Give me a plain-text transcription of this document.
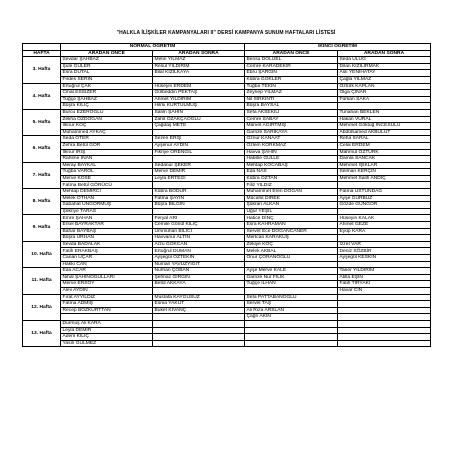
"HALKLA İLİŞKİLER KAMPANYALARI II" DERSİ KAMPANYA SUNUM HAFTALARI LİSTESİ
	NORMAL ÖĞRETİM		İKİNCİ ÖĞRETİM	
HAFTA	ARADAN ÖNCE	ARADAN SONRA	ARADAN ÖNCE	ARADAN SONRA
3. Hafta	Sevdar ŞAHBAZ	Metin YILMAZ	Bensu DÖLÜEL	Seda ULUĞ
	Şule GÜLER	Resul YILDIRIM	Cemre KARADEKIR	Dilan KIZILIRMAK
	Esra DUTAL	Bilal KIZILKAYA	Ebru ŞARGIN	Aslı YENİHATAY
	Firdes SERİN		Kübra GÖKLER	Çağla YILMAZ
4. Hafta	Ertuğrul ÇAK	Hüseyin ERDEM	Tuğba TEKİN	Öztürk KAPLAN
	Cihat ESSİZER	Gülbeddin PEKTAŞ	Zeynep YILMAZ	Olga ÇINAR
	Tuğçe ŞAHBAZ	Ahmet YILDIRIM	Nil SIRKİNTİ	Fürkan SAKA
	Büşra KILIÇ	Hilmi KURTULMUŞ	Büşra BAYSAL	
5. Hafta	Burcu EZEROĞLU	Salim ŞAHİN	Sefa AKSEKİLİ	Tunahan BEKLEN
	Zeliha ÖZDOĞAN	Zahit ÖZAKÇAOĞLU	Cemre SABAY	Hakan VURAL
	İlknur KOÇ	Çağdaş METE	Mürvet AĞIRTMIŞ	Mehmet Göktuğ İNCESULU
	Muhammed AYKAÇ		Gamze SARIKAYA	Abdülsamed AKBULUT
6. Hafta	Seda ÖTER	Sezen ERIŞ	Öznur KANAAT	Reha SARAL
	Zehra Betül GÖR	Ayşenur AYDIN	Özlem KORKMAZ	Celal ERDEM
	İlknur IRIŞ	Fikriye ÖRENGİL	Havva ŞAHİN	Mahmut ÖZTÜRK
	Rahime İNAN		Habibe GÜLLE	Damla SANCAK
7. Hafta	Meray BAYKAL	Sedanur ŞEKER	Mehtap KOCABAŞ	Mehmet IŞIKLAR
	Tuğba VAROL	Merve DEMİR	Eda NAS	Selman KERÇİN
	Merve KÖSE	Leyla ERTEĞİ	Kübra ÖZTAN	Mehmet Salih ANDIÇ
	Fatma Betül GÖRÜCÜ		Filiz YILDIZ	
8. Hafta	Mehtap DEMİRCİ	Kübra BODUR	Muhammet Eren DOĞAN	Fatma ÜSTÜNDAĞ
	Melek OTHAN	Fatma ŞAYIN	Mücahit DİREK	Ayşe GÜRBÜZ
	Sabahat ÜNGÖRMÜŞ	Büşra BİLGİN	Şükran ALKAN	Gözde GÜNGÖR
	Şükriye TARAS		Uğur YEŞİL	
9. Hafta	Emre ŞAHAN	Feryal ARI	Hatice DİNÇ	Hüseyin KALAK
	Ersel BAYRAKTAR	Cemile Gönül KILIÇ	Esra KAHRAMAN	Ahmet GEZE
	Bahar BAYBAŞ	Ümmühan BİLİCİ	Servet Ece DOĞANCANER	Eyüp KARA
	Büşra URHAN	Havvanur ALTIN	Mertcan KARAKUŞ	
10. Hafta	Sevda BADALAK	Arzu GÖKCAN	Zekiye KOÇ	İzzet VAR
	Fatih ERAKBAŞ	Ertuğrul DUMAN	Melek AKBAL	Deniz SÖZBİR
	Canan UÇAR	Ayşegül ÖZTEKİN	Onur ÇORANOĞLU	Ayşegül KESKİN
	Hakkı CAN	Numan YAVUZYİĞİT		
11. Hafta	Eda ACAR	Nurhan ÇOBAN	Ayşe Merve KALE	Taner YILDIRIM
	Nihal ŞAHİNOĞULLARI	Şehnaz GİRGİN	Gamze Nur FİLİK	Atilla EŞİN
	Merve ERSOY	Betül AKKAYA	Tuğçe İLHAN	Fatih TİRYAKİ
	Alev AYDIN			Havar CİN
12. Hafta	Fırat AYYILDIZ	Mustafa KAYGUSUZ	Sefa PATTABANOĞLU	
	Fatma ADMIŞ	Esma YAKUT	Servet TAŞ	
	Recep BOZKURTTAN	Buket KIVANÇ	Ali Rıza ARSLAN	
			Çağrı AKIN	
13. Hafta	Durmuş Ali KARA			
	Leyla DEMİR			
	Adem KILIÇ			
	Yasin GÜLMEZ			
